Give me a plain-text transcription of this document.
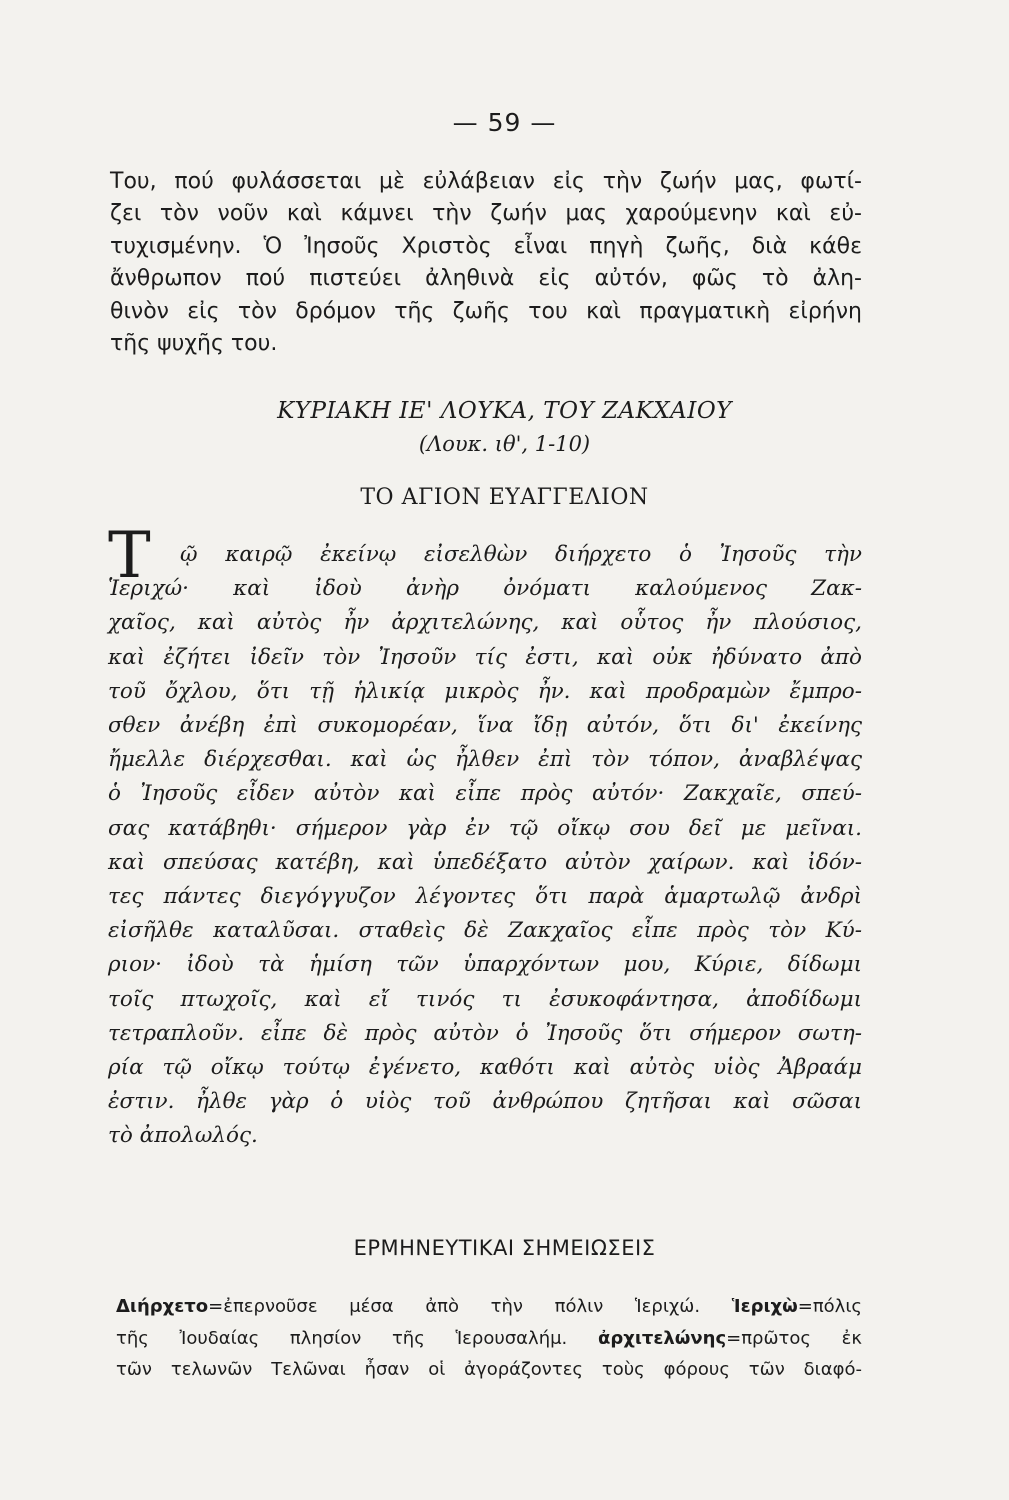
— 59 —
Του, πού φυλάσσεται μὲ εὐλάβειαν εἰς τὴν ζωήν μας, φωτί-
ζει τὸν νοῦν καὶ κάμνει τὴν ζωήν μας χαρούμενην καὶ εὐ-
τυχισμένην. Ὁ Ἰησοῦς Χριστὸς εἶναι πηγὴ ζωῆς, διὰ κάθε
ἄνθρωπον πού πιστεύει ἀληθινὰ εἰς αὐτόν, φῶς τὸ ἀλη-
θινὸν εἰς τὸν δρόμον τῆς ζωῆς του καὶ πραγματικὴ εἰρήνη
τῆς ψυχῆς του.
ΚΥΡΙΑΚΗ ΙΕ' ΛΟΥΚΑ, ΤΟΥ ΖΑΚΧΑΙΟΥ
(Λουκ. ιθ', 1-10)
ΤΟ ΑΓΙΟΝ ΕΥΑΓΓΕΛΙΟΝ
Τ	ῷ καιρῷ ἐκείνῳ εἰσελθὼν διήρχετο ὁ Ἰησοῦς τὴν
Ἱεριχώ· καὶ ἰδοὺ ἀνὴρ ὀνόματι καλούμενος Ζακ-
χαῖος, καὶ αὐτὸς ἦν ἀρχιτελώνης, καὶ οὗτος ἦν πλούσιος,
καὶ ἐζήτει ἰδεῖν τὸν Ἰησοῦν τίς ἐστι, καὶ οὐκ ἠδύνατο ἀπὸ
τοῦ ὄχλου, ὅτι τῇ ἡλικίᾳ μικρὸς ἦν. καὶ προδραμὼν ἔμπρο-
σθεν ἀνέβη ἐπὶ συκομορέαν, ἵνα ἴδῃ αὐτόν, ὅτι δι' ἐκείνης
ἤμελλε διέρχεσθαι. καὶ ὡς ἦλθεν ἐπὶ τὸν τόπον, ἀναβλέψας
ὁ Ἰησοῦς εἶδεν αὐτὸν καὶ εἶπε πρὸς αὐτόν· Ζακχαῖε, σπεύ-
σας κατάβηθι· σήμερον γὰρ ἐν τῷ οἴκῳ σου δεῖ με μεῖναι.
καὶ σπεύσας κατέβη, καὶ ὑπεδέξατο αὐτὸν χαίρων. καὶ ἰδόν-
τες πάντες διεγόγγυζον λέγοντες ὅτι παρὰ ἁμαρτωλῷ ἀνδρὶ
εἰσῆλθε καταλῦσαι. σταθεὶς δὲ Ζακχαῖος εἶπε πρὸς τὸν Κύ-
ριον· ἰδοὺ τὰ ἡμίση τῶν ὑπαρχόντων μου, Κύριε, δίδωμι
τοῖς πτωχοῖς, καὶ εἴ τινός τι ἐσυκοφάντησα, ἀποδίδωμι
τετραπλοῦν. εἶπε δὲ πρὸς αὐτὸν ὁ Ἰησοῦς ὅτι σήμερον σωτη-
ρία τῷ οἴκῳ τούτῳ ἐγένετο, καθότι καὶ αὐτὸς υἱὸς Ἀβραάμ
ἐστιν. ἦλθε γὰρ ὁ υἱὸς τοῦ ἀνθρώπου ζητῆσαι καὶ σῶσαι
τὸ ἀπολωλός.
ΕΡΜΗΝΕΥΤΙΚΑΙ ΣΗΜΕΙΩΣΕΙΣ
Διήρχετο=ἐπερνοῦσε μέσα ἀπὸ τὴν πόλιν Ἱεριχώ. Ἱεριχὼ=πόλις
τῆς Ἰουδαίας πλησίον τῆς Ἱερουσαλήμ. ἀρχιτελώνης=πρῶτος ἐκ
τῶν τελωνῶν Τελῶναι ἦσαν οἱ ἀγοράζοντες τοὺς φόρους τῶν διαφό-
